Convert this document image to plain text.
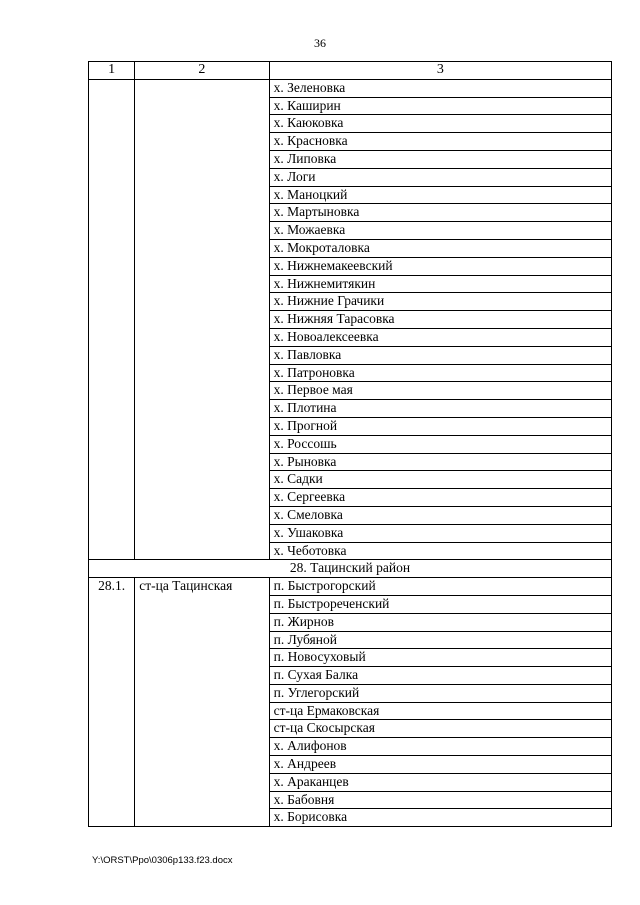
36
1	2	3
		х. Зеленовка
		х. Каширин
		х. Каюковка
		х. Красновка
		х. Липовка
		х. Логи
		х. Маноцкий
		х. Мартыновка
		х. Можаевка
		х. Мокроталовка
		х. Нижнемакеевский
		х. Нижнемитякин
		х. Нижние Грачики
		х. Нижняя Тарасовка
		х. Новоалексеевка
		х. Павловка
		х. Патроновка
		х. Первое мая
		х. Плотина
		х. Прогной
		х. Россошь
		х. Рыновка
		х. Садки
		х. Сергеевка
		х. Смеловка
		х. Ушаковка
		х. Чеботовка
28. Тацинский район		
28.1.	ст-ца Тацинская	п. Быстрогорский
		п. Быстрореченский
		п. Жирнов
		п. Лубяной
		п. Новосуховый
		п. Сухая Балка
		п. Углегорский
		ст-ца Ермаковская
		ст-ца Скосырская
		х. Алифонов
		х. Андреев
		х. Араканцев
		х. Бабовня
		х. Борисовка
Y:\ORST\Ppo\0306p133.f23.docx
